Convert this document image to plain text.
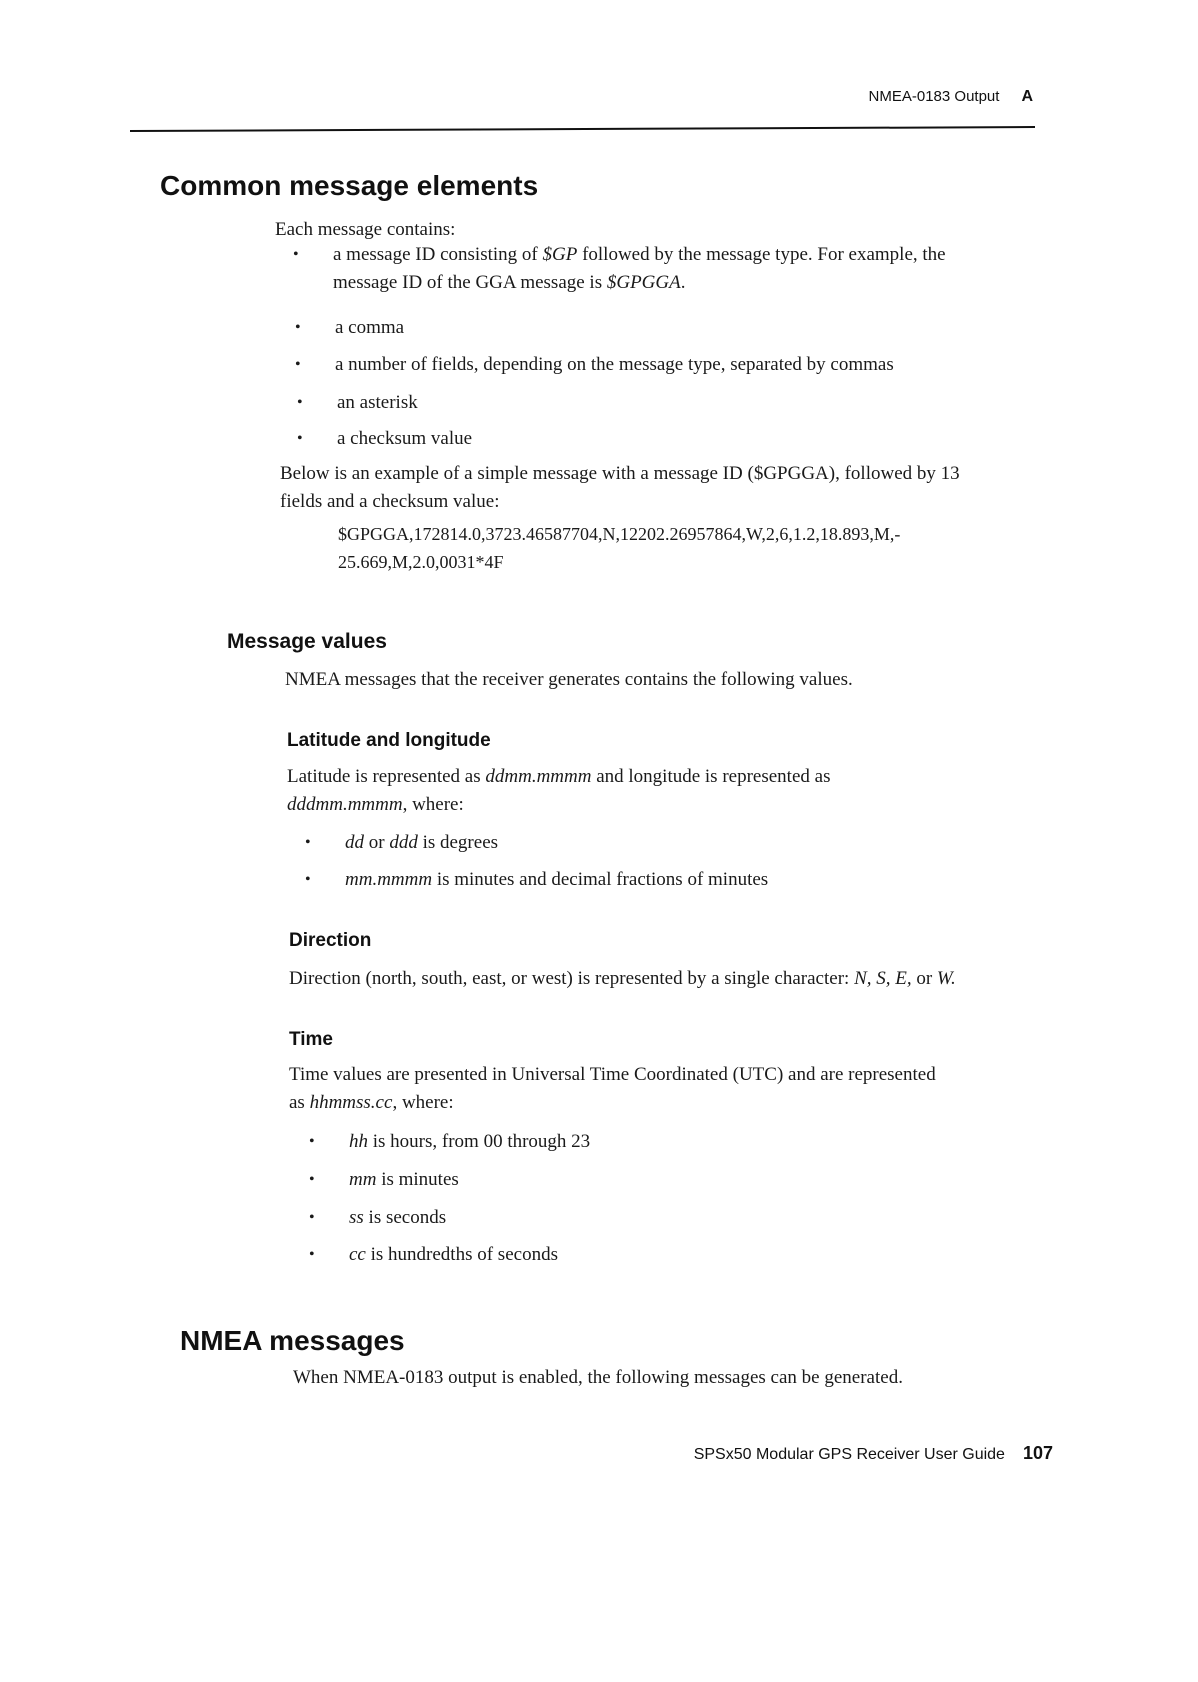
NMEA-0183 Output A
Common message elements

Each message contains:

• a message ID consisting of $GP followed by the message type. For example, the
message ID of the GGA message is $GPGGA.
• a comma
• a number of fields, depending on the message type, separated by commas
• an asterisk
• a checksum value

Below is an example of a simple message with a message ID ($GPGGA), followed by 13
fields and a checksum value:

$GPGGA,172814.0,3723.46587704,N,12202.26957864,W,2,6,1.2,18.893,M,-
25.669,M,2.0,0031*4F

Message values

NMEA messages that the receiver generates contains the following values.

Latitude and longitude

Latitude is represented as ddmm.mmmm and longitude is represented as
dddmm.mmmm, where:

• dd or ddd is degrees
• mm.mmmm is minutes and decimal fractions of minutes
Direction

Direction (north, south, east, or west) is represented by a single character: N, S, E, or W.

Time

Time values are presented in Universal Time Coordinated (UTC) and are represented
as hhmmss.cc, where:

• hh is hours, from 00 through 23
• mm is minutes
• ss is seconds
• cc is hundredths of seconds
NMEA messages

When NMEA-0183 output is enabled, the following messages can be generated.

SPSx50 Modular GPS Receiver User Guide 107
